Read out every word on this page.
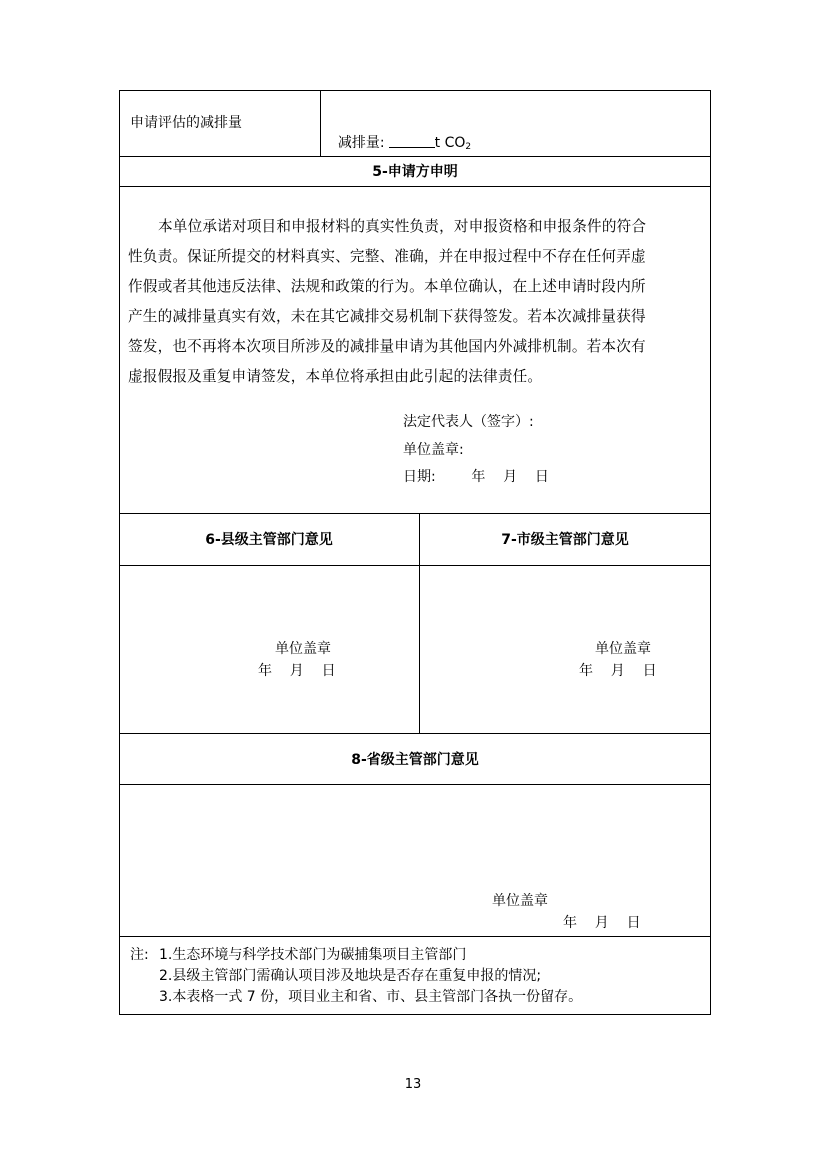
申请评估的减排量

减排量:	t $CO_2$

5-申请方申明
本单位承诺对项目和申报材料的真实性负责，对申报资格和申报条件的符合
性负责。保证所提交的材料真实、完整、准确，并在申报过程中不存在任何弄虚
作假或者其他违反法律、法规和政策的行为。本单位确认，在上述申请时段内所
产生的减排量真实有效，未在其它减排交易机制下获得签发。若本次减排量获得
签发，也不再将本次项目所涉及的减排量申请为其他国内外减排机制。若本次有
虚报假报及重复申请签发，本单位将承担由此引起的法律责任。
法定代表人（签字）:
单位盖章:
日期:        年    月    日
6-县级主管部门意见	7-市级主管部门意见
单位盖章
年    月    日
单位盖章
年    月    日
8-省级主管部门意见
单位盖章
年    月    日
注: 1.生态环境与科学技术部门为碳捕集项目主管部门
2.县级主管部门需确认项目涉及地块是否存在重复申报的情况;
3.本表格一式 7 份，项目业主和省、市、县主管部门各执一份留存。
13
